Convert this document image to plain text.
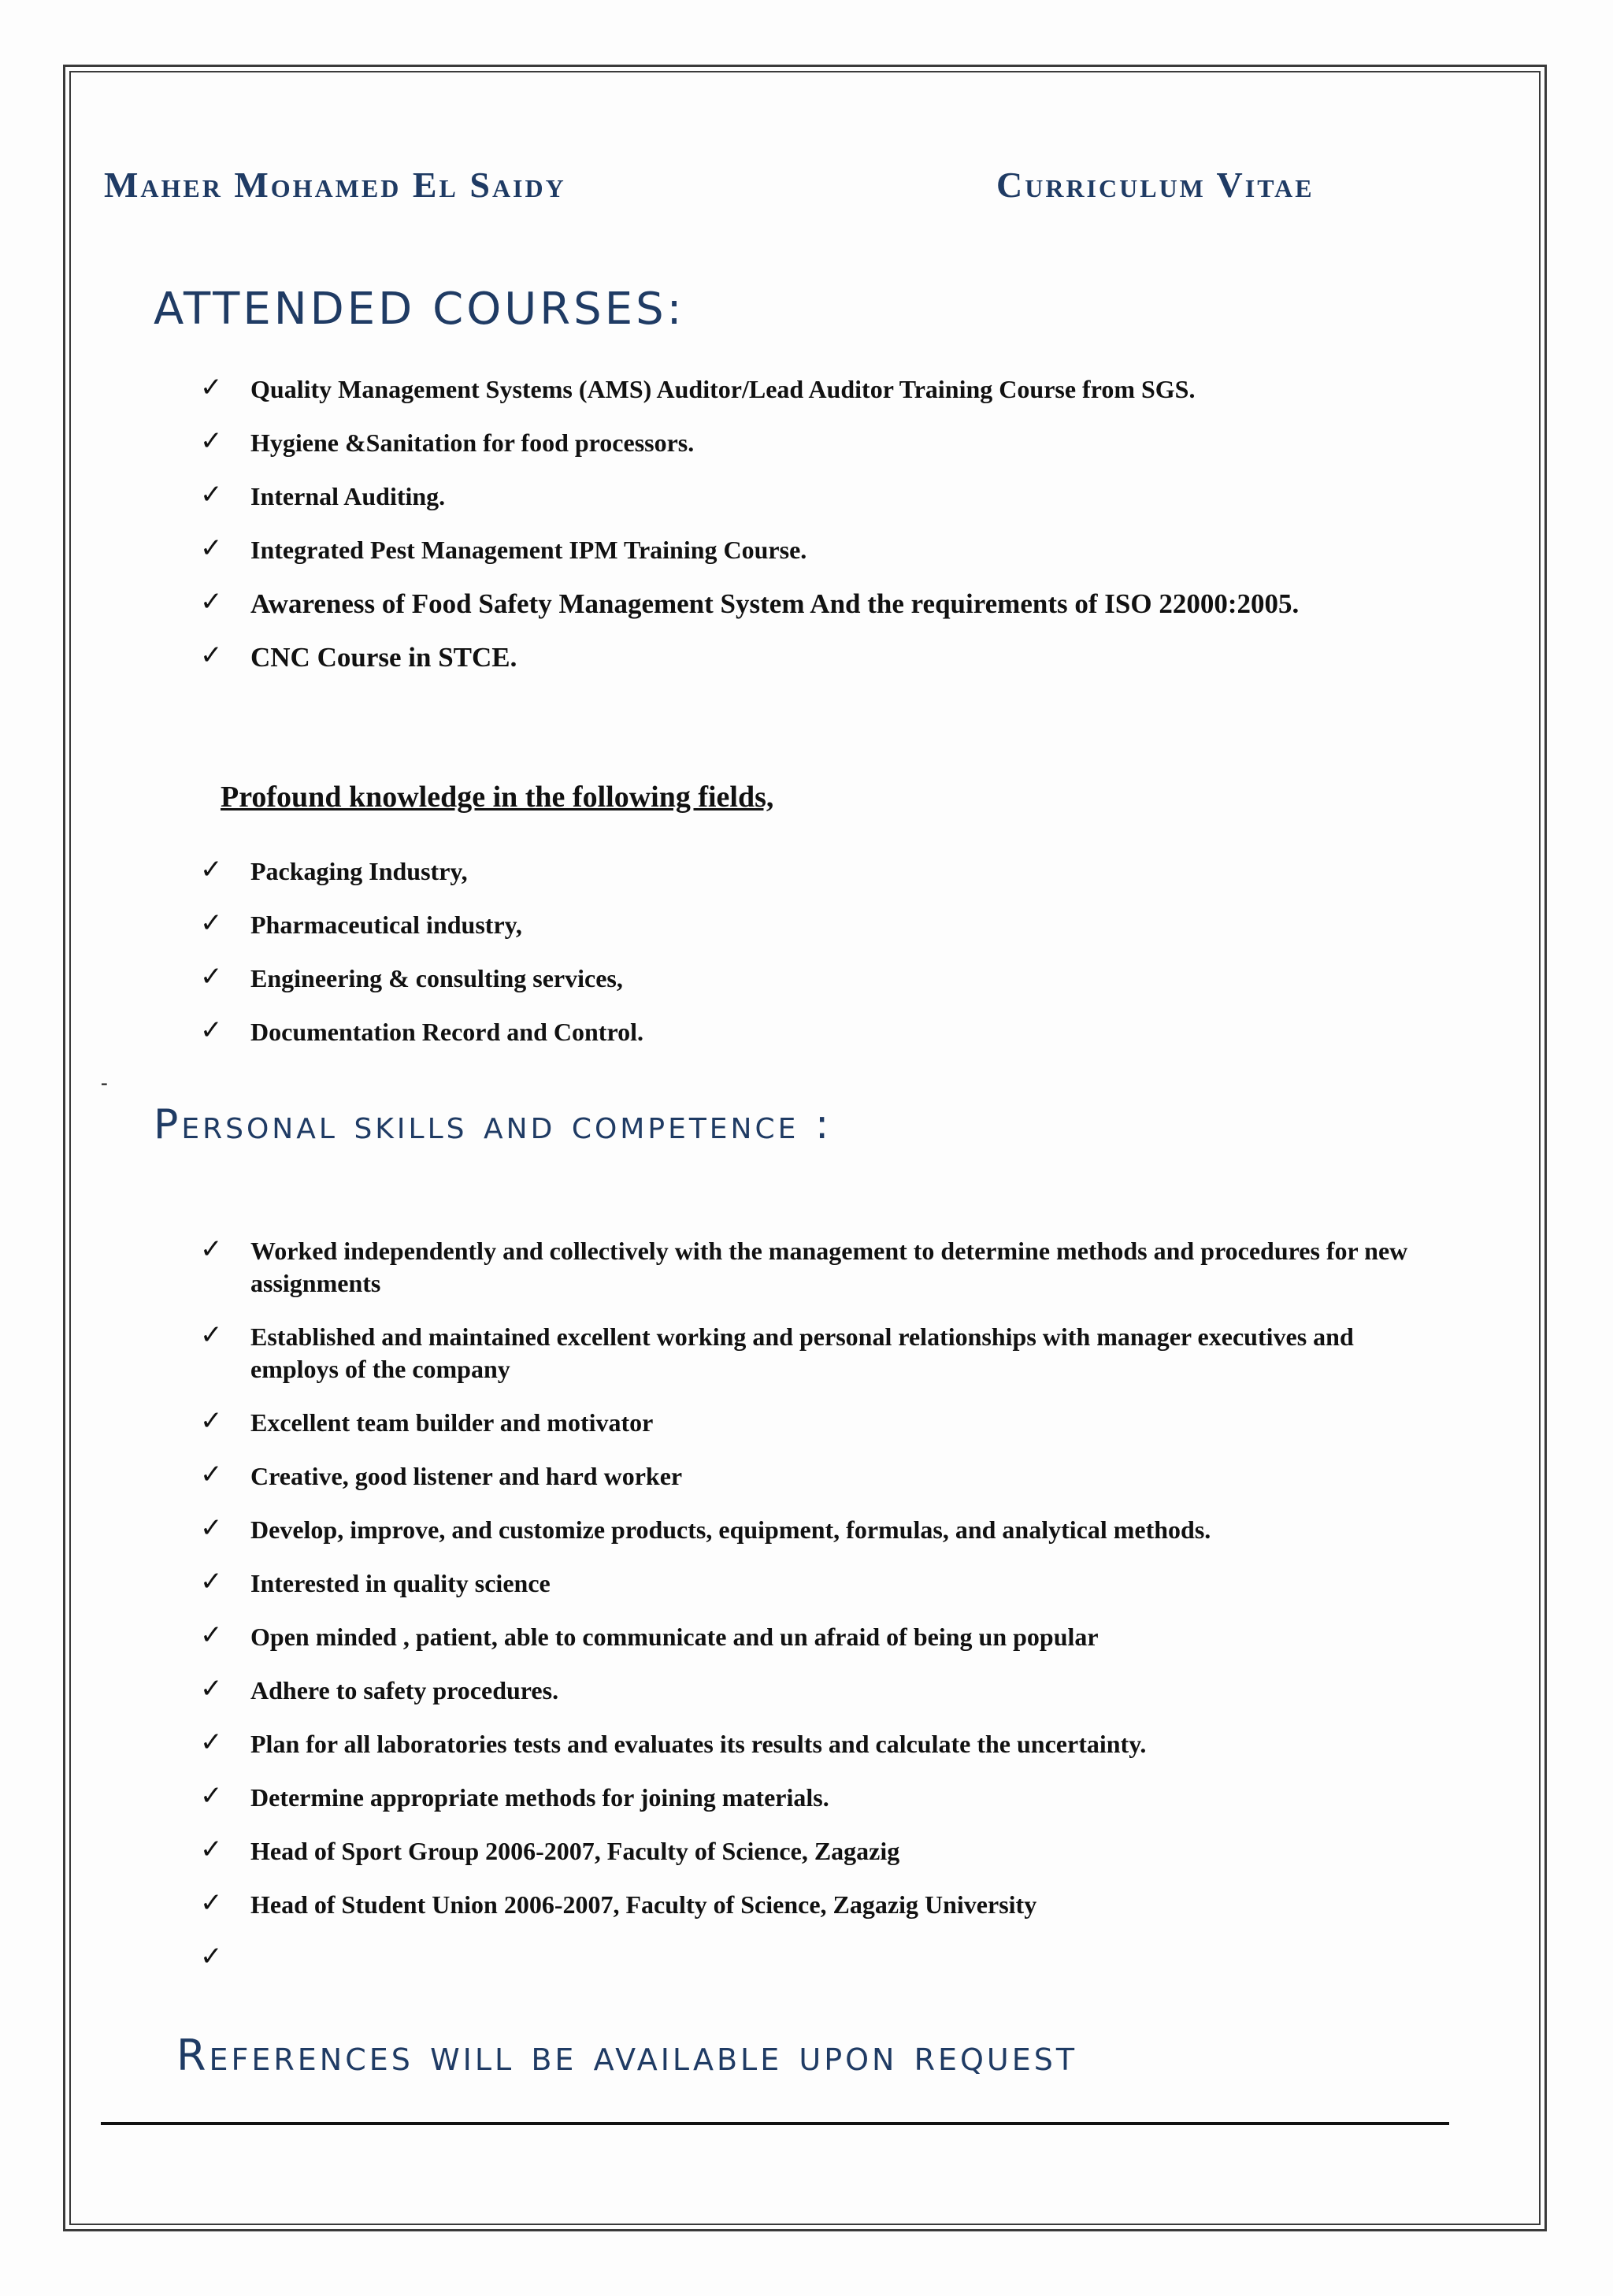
Maher Mohamed El Saidy	Curriculum Vitae
ATTENDED COURSES:
✓ Quality Management Systems (AMS) Auditor/Lead Auditor Training Course from SGS.
✓ Hygiene &Sanitation for food processors.
✓ Internal Auditing.
✓ Integrated Pest Management IPM Training Course.
✓ Awareness of Food Safety Management System And the requirements of ISO 22000:2005.
✓ CNC Course in STCE.
Profound knowledge in the following fields,
✓ Packaging Industry,
✓ Pharmaceutical industry,
✓ Engineering & consulting services,
✓ Documentation Record and Control.
-
Personal skills and competence :
✓ Worked independently and collectively with the management to determine methods and procedures for new assignments
✓ Established and maintained excellent working and personal relationships with manager executives and employs of the company
✓ Excellent team builder and motivator
✓ Creative, good listener and hard worker
✓ Develop, improve, and customize products, equipment, formulas, and analytical methods.
✓ Interested in quality science
✓ Open minded , patient, able to communicate and un afraid of being un popular
✓ Adhere to safety procedures.
✓ Plan for all laboratories tests and evaluates its results and calculate the uncertainty.
✓ Determine appropriate methods for joining materials.
✓ Head of Sport Group 2006-2007, Faculty of Science, Zagazig
✓ Head of Student Union 2006-2007, Faculty of Science, Zagazig University
✓
References will be available upon request
